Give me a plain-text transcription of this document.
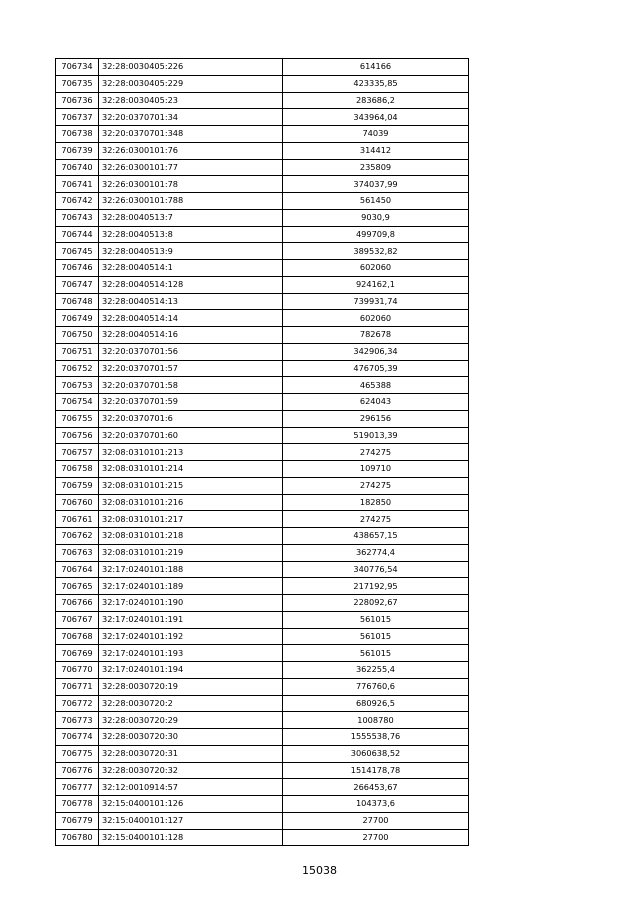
706734	32:28:0030405:226	614166
706735	32:28:0030405:229	423335,85
706736	32:28:0030405:23	283686,2
706737	32:20:0370701:34	343964,04
706738	32:20:0370701:348	74039
706739	32:26:0300101:76	314412
706740	32:26:0300101:77	235809
706741	32:26:0300101:78	374037,99
706742	32:26:0300101:788	561450
706743	32:28:0040513:7	9030,9
706744	32:28:0040513:8	499709,8
706745	32:28:0040513:9	389532,82
706746	32:28:0040514:1	602060
706747	32:28:0040514:128	924162,1
706748	32:28:0040514:13	739931,74
706749	32:28:0040514:14	602060
706750	32:28:0040514:16	782678
706751	32:20:0370701:56	342906,34
706752	32:20:0370701:57	476705,39
706753	32:20:0370701:58	465388
706754	32:20:0370701:59	624043
706755	32:20:0370701:6	296156
706756	32:20:0370701:60	519013,39
706757	32:08:0310101:213	274275
706758	32:08:0310101:214	109710
706759	32:08:0310101:215	274275
706760	32:08:0310101:216	182850
706761	32:08:0310101:217	274275
706762	32:08:0310101:218	438657,15
706763	32:08:0310101:219	362774,4
706764	32:17:0240101:188	340776,54
706765	32:17:0240101:189	217192,95
706766	32:17:0240101:190	228092,67
706767	32:17:0240101:191	561015
706768	32:17:0240101:192	561015
706769	32:17:0240101:193	561015
706770	32:17:0240101:194	362255,4
706771	32:28:0030720:19	776760,6
706772	32:28:0030720:2	680926,5
706773	32:28:0030720:29	1008780
706774	32:28:0030720:30	1555538,76
706775	32:28:0030720:31	3060638,52
706776	32:28:0030720:32	1514178,78
706777	32:12:0010914:57	266453,67
706778	32:15:0400101:126	104373,6
706779	32:15:0400101:127	27700
706780	32:15:0400101:128	27700
15038
